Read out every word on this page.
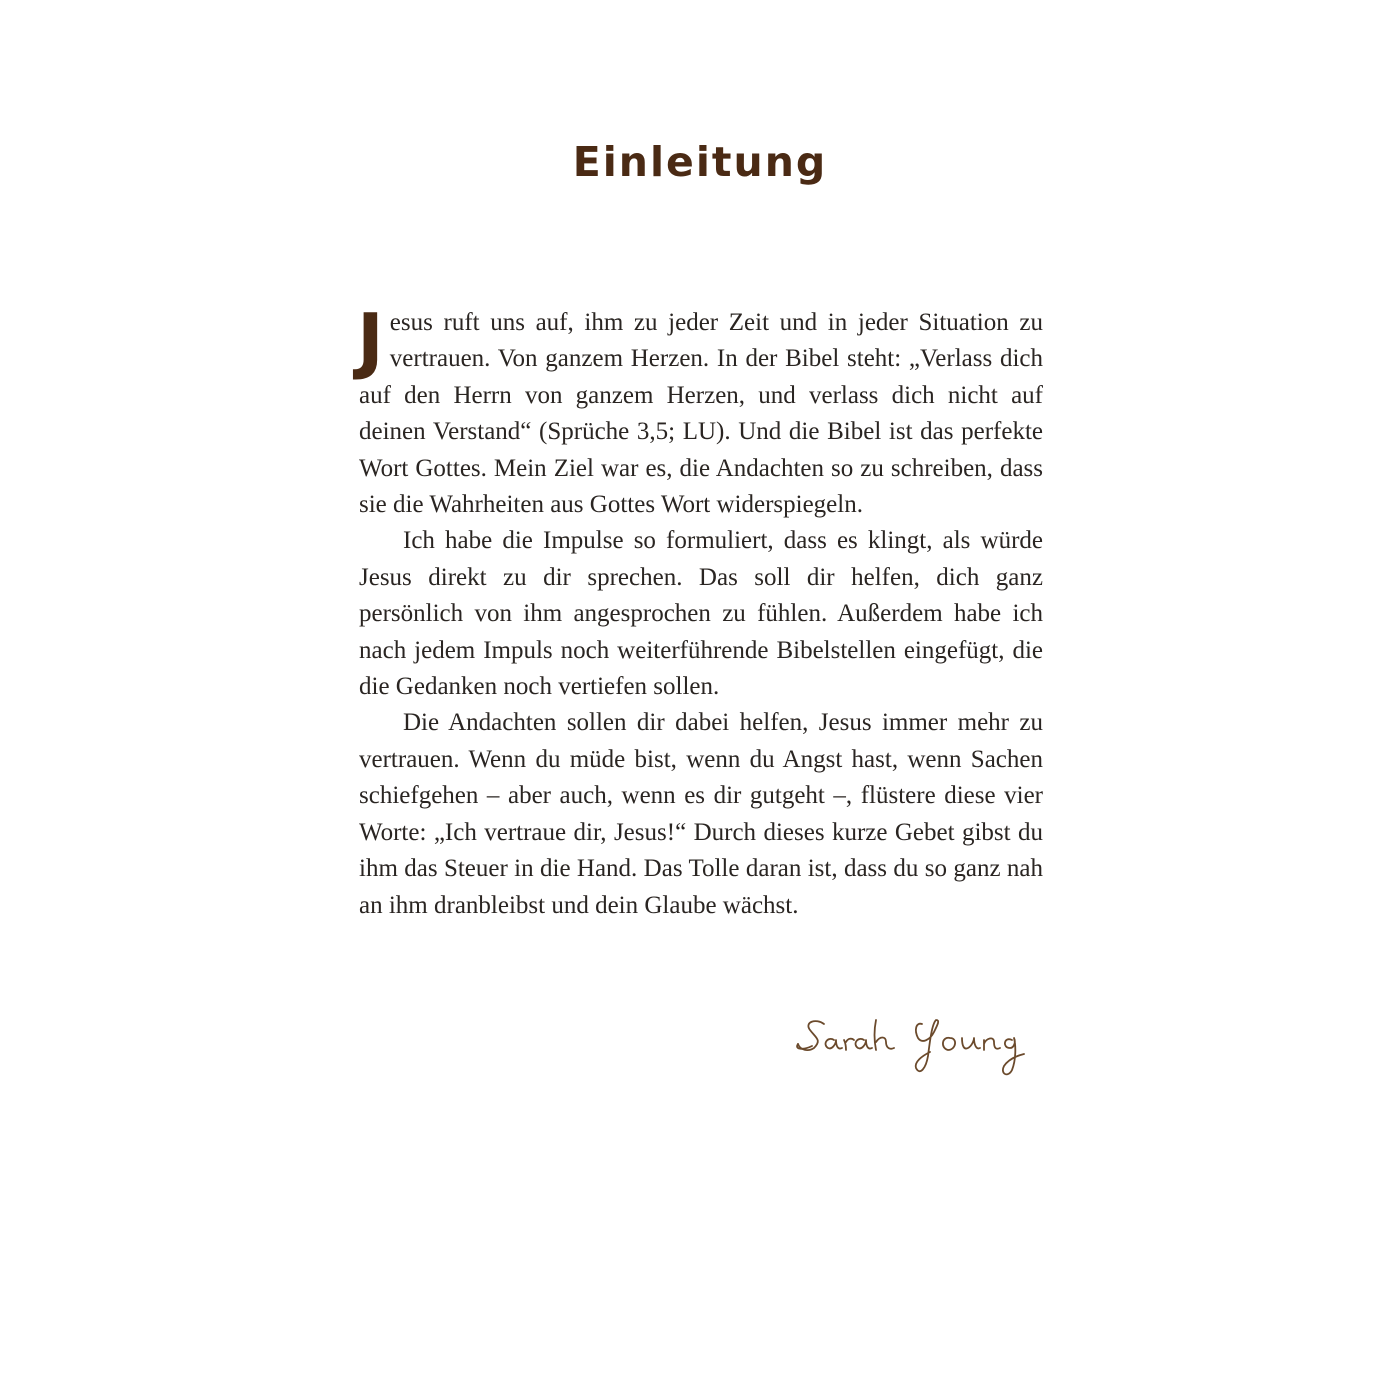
Einleitung

Jesus ruft uns auf, ihm zu jeder Zeit und in jeder Situation zu vertrauen. Von ganzem Herzen. In der Bibel steht: „Verlass dich auf den Herrn von ganzem Herzen, und verlass dich nicht auf deinen Verstand“ (Sprüche 3,5; LU). Und die Bibel ist das perfekte Wort Gottes. Mein Ziel war es, die Andachten so zu schreiben, dass sie die Wahrheiten aus Gottes Wort widerspiegeln.

Ich habe die Impulse so formuliert, dass es klingt, als würde Jesus direkt zu dir sprechen. Das soll dir helfen, dich ganz persönlich von ihm angesprochen zu fühlen. Außerdem habe ich nach jedem Impuls noch weiterführende Bibelstellen eingefügt, die die Gedanken noch vertiefen sollen.

Die Andachten sollen dir dabei helfen, Jesus immer mehr zu vertrauen. Wenn du müde bist, wenn du Angst hast, wenn Sachen schiefgehen – aber auch, wenn es dir gutgeht –, flüstere diese vier Worte: „Ich vertraue dir, Jesus!“ Durch dieses kurze Gebet gibst du ihm das Steuer in die Hand. Das Tolle daran ist, dass du so ganz nah an ihm dranbleibst und dein Glaube wächst.
